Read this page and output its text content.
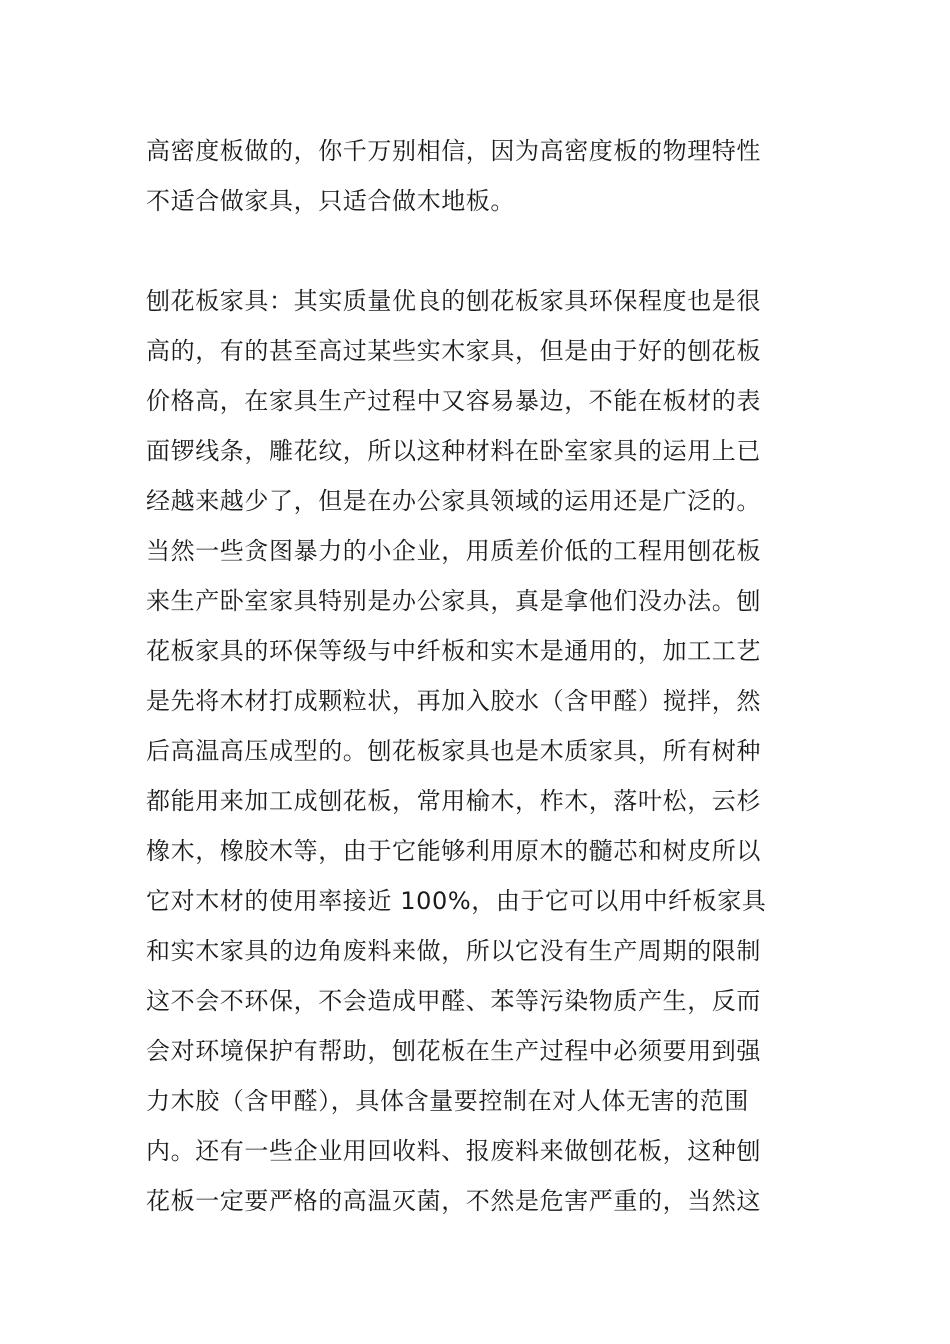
高密度板做的，你千万别相信，因为高密度板的物理特性
不适合做家具，只适合做木地板。
刨花板家具：其实质量优良的刨花板家具环保程度也是很
高的，有的甚至高过某些实木家具，但是由于好的刨花板
价格高，在家具生产过程中又容易暴边，不能在板材的表
面锣线条，雕花纹，所以这种材料在卧室家具的运用上已
经越来越少了，但是在办公家具领域的运用还是广泛的。
当然一些贪图暴力的小企业，用质差价低的工程用刨花板
来生产卧室家具特别是办公家具，真是拿他们没办法。刨
花板家具的环保等级与中纤板和实木是通用的，加工工艺
是先将木材打成颗粒状，再加入胶水（含甲醛）搅拌，然
后高温高压成型的。刨花板家具也是木质家具，所有树种
都能用来加工成刨花板，常用榆木，柞木，落叶松，云杉
橡木，橡胶木等，由于它能够利用原木的髓芯和树皮所以
它对木材的使用率接近 100%，由于它可以用中纤板家具
和实木家具的边角废料来做，所以它没有生产周期的限制
这不会不环保，不会造成甲醛、苯等污染物质产生，反而
会对环境保护有帮助，刨花板在生产过程中必须要用到强
力木胶（含甲醛），具体含量要控制在对人体无害的范围
内。还有一些企业用回收料、报废料来做刨花板，这种刨
花板一定要严格的高温灭菌，不然是危害严重的，当然这
